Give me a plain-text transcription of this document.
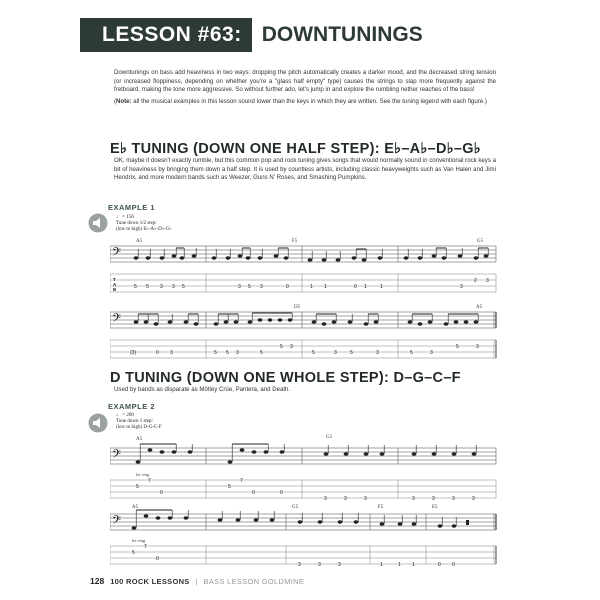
LESSON #63: DOWNTUNINGS

Downtunings on bass add heaviness in two ways: dropping the pitch automatically creates a darker mood, and the decreased string tension (or increased floppiness, depending on whether you're a "glass half empty" type) causes the strings to slap more frequently against the fretboard, making the tone more aggressive. So without further ado, let's jump in and explore the rumbling nether reaches of the bass!

(Note: all the musical examples in this lesson sound lower than the keys in which they are written. See the tuning legend with each figure.)

E♭ TUNING (DOWN ONE HALF STEP): E♭–A♭–D♭–G♭
OK, maybe it doesn't exactly rumble, but this common pop and rock tuning gives songs that would normally sound in conventional rock keys a bit of heaviness by bringing them down a half step. It is used by countless artists, including classic heavyweights such as Van Halen and Jimi Hendrix, and more modern bands such as Weezer, Guns N' Roses, and Smashing Pumpkins.
EXAMPLE 1
♩ = 156
Tune down 1/2 step:
(low to high) E♭-A♭-D♭-G♭
A5	F5	G5
𝄢
T
A
B	5 5 3 3 5	3 5 3	0	1 1	0 1	1	3
2 3
D5	A5
𝄢
(3)	0 3	5 5 3	5
5 3
5	3	5	3	5	3
5	3
D TUNING (DOWN ONE WHOLE STEP): D–G–C–F
Used by bands as disparate as Mötley Crüe, Pantera, and Death.
EXAMPLE 2
♩ = 200
Tune down 1 step:
(low to high) D-G-C-F
A5	G5
𝄢
let ring
5
7
0
5
7
0	0
3	3	3	3	3	3	3
A5	G5	F5	E5
𝄢
let ring
5
7
0
3	3	3	1	1 1	0 0
128 100 ROCK LESSONS | BASS LESSON GOLDMINE
